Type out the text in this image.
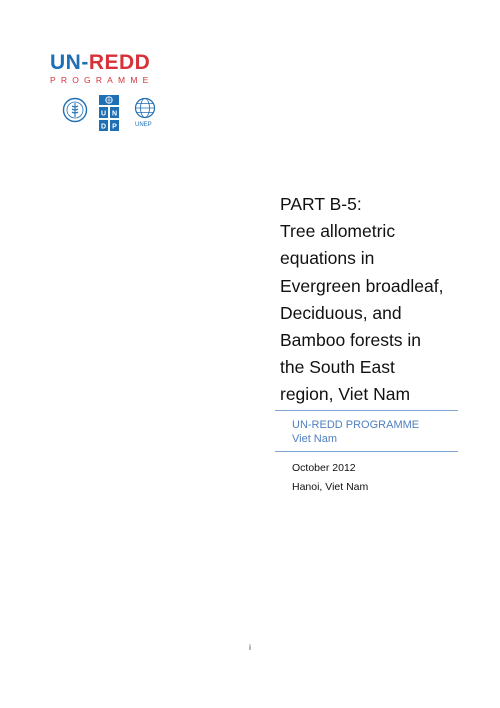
UN-REDD
PROGRAMME
U N
D P	UNEP
PART B-5:
Tree allometric
equations in
Evergreen broadleaf,
Deciduous, and
Bamboo forests in
the South East
region, Viet Nam
UN-REDD PROGRAMME
Viet Nam
October 2012
Hanoi, Viet Nam
i
